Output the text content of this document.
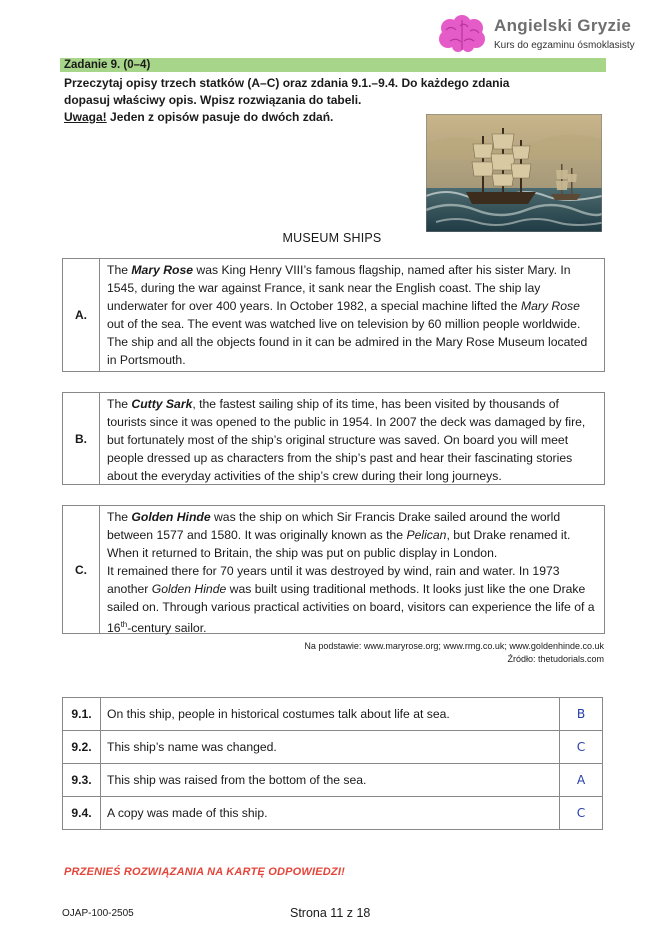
Angielski Gryzie
Kurs do egzaminu ósmoklasisty
Zadanie 9. (0–4)
Przeczytaj opisy trzech statków (A–C) oraz zdania 9.1.–9.4. Do każdego zdania
dopasuj właściwy opis. Wpisz rozwiązania do tabeli.
Uwaga! Jeden z opisów pasuje do dwóch zdań.
MUSEUM SHIPS
A.
The Mary Rose was King Henry VIII’s famous flagship, named after his sister Mary. In 1545, during the war against France, it sank near the English coast. The ship lay underwater for over 400 years. In October 1982, a special machine lifted the Mary Rose out of the sea. The event was watched live on television by 60 million people worldwide. The ship and all the objects found in it can be admired in the Mary Rose Museum located in Portsmouth.
B.
The Cutty Sark, the fastest sailing ship of its time, has been visited by thousands of tourists since it was opened to the public in 1954. In 2007 the deck was damaged by fire, but fortunately most of the ship’s original structure was saved. On board you will meet people dressed up as characters from the ship’s past and hear their fascinating stories about the everyday activities of the ship’s crew during their long journeys.
C.
The Golden Hinde was the ship on which Sir Francis Drake sailed around the world between 1577 and 1580. It was originally known as the Pelican, but Drake renamed it. When it returned to Britain, the ship was put on public display in London.
It remained there for 70 years until it was destroyed by wind, rain and water. In 1973 another Golden Hinde was built using traditional methods. It looks just like the one Drake sailed on. Through various practical activities on board, visitors can experience the life of a 16th-century sailor.
Na podstawie: www.maryrose.org; www.rmg.co.uk; www.goldenhinde.co.uk
Źródło: thetudorials.com
9.1.	On this ship, people in historical costumes talk about life at sea.	B
9.2.	This ship’s name was changed.	C
9.3.	This ship was raised from the bottom of the sea.	A
9.4.	A copy was made of this ship.	C
PRZENIEŚ ROZWIĄZANIA NA KARTĘ ODPOWIEDZI!
OJAP-100-2505	Strona 11 z 18
